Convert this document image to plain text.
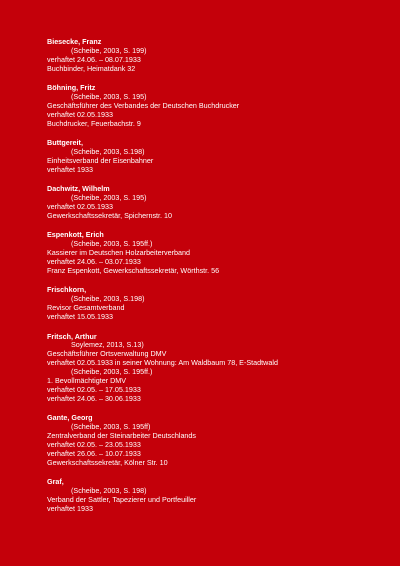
Biesecke, Franz
(Scheibe, 2003, S. 199)
verhaftet 24.06. – 08.07.1933
Buchbinder, Heimatdank 32
Böhning, Fritz
(Scheibe, 2003, S. 195)
Geschäftsführer des Verbandes der Deutschen Buchdrucker
verhaftet 02.05.1933
Buchdrucker, Feuerbachstr. 9
Buttgereit,
(Scheibe, 2003, S.198)
Einheitsverband der Eisenbahner
verhaftet 1933
Dachwitz, Wilhelm
(Scheibe, 2003, S. 195)
verhaftet 02.05.1933
Gewerkschaftssekretär, Spichernstr. 10
Espenkott, Erich
(Scheibe, 2003, S. 195ff.)
Kassierer im Deutschen Holzarbeiterverband
verhaftet 24.06. – 03.07.1933
Franz Espenkott, Gewerkschaftssekretär, Wörthstr. 56
Frischkorn,
(Scheibe, 2003, S.198)
Revisor Gesamtverband
verhaftet 15.05.1933
Fritsch, Arthur
Soylemez, 2013, S.13)
Geschäftsführer Ortsverwaltung DMV
verhaftet 02.05.1933 in seiner Wohnung: Am Waldbaum 78, E-Stadtwald
(Scheibe, 2003, S. 195ff.)
1. Bevollmächtigter DMV
verhaftet 02.05. – 17.05.1933
verhaftet 24.06. – 30.06.1933
Gante, Georg
(Scheibe, 2003, S. 195ff)
Zentralverband der Steinarbeiter Deutschlands
verhaftet 02.05. – 23.05.1933
verhaftet 26.06. – 10.07.1933
Gewerkschaftssekretär, Kölner Str. 10
Graf,
(Scheibe, 2003, S. 198)
Verband der Sattler, Tapezierer und Portfeuiller
verhaftet 1933
